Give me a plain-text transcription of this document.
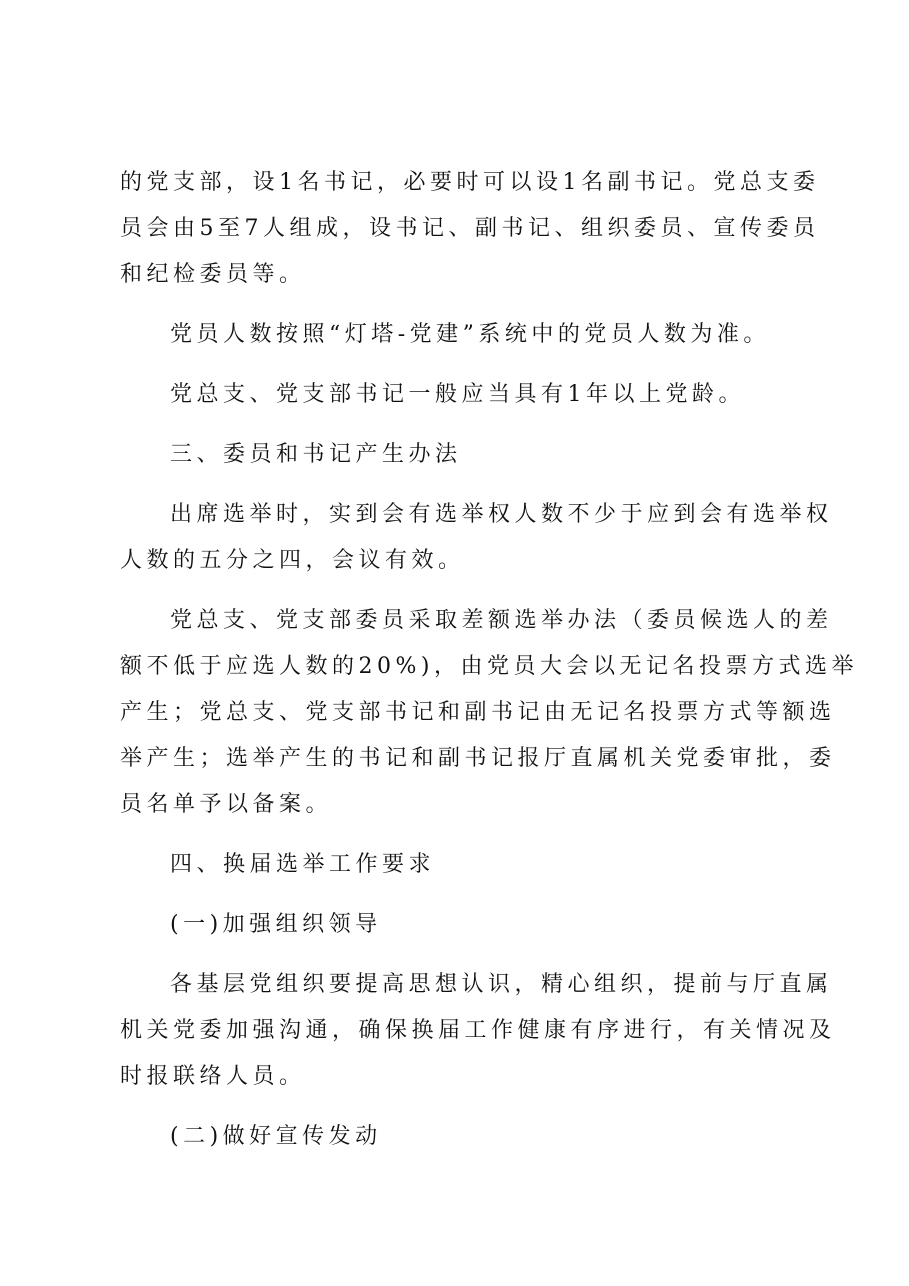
的党支部，设1名书记，必要时可以设1名副书记。党总支委
员会由5至7人组成，设书记、副书记、组织委员、宣传委员
和纪检委员等。
党员人数按照“灯塔-党建”系统中的党员人数为准。
党总支、党支部书记一般应当具有1年以上党龄。
三、委员和书记产生办法
出席选举时，实到会有选举权人数不少于应到会有选举权
人数的五分之四，会议有效。
党总支、党支部委员采取差额选举办法（委员候选人的差
额不低于应选人数的20%)，由党员大会以无记名投票方式选举
产生；党总支、党支部书记和副书记由无记名投票方式等额选
举产生；选举产生的书记和副书记报厅直属机关党委审批，委
员名单予以备案。
四、换届选举工作要求
(一)加强组织领导
各基层党组织要提高思想认识，精心组织，提前与厅直属
机关党委加强沟通，确保换届工作健康有序进行，有关情况及
时报联络人员。
(二)做好宣传发动
